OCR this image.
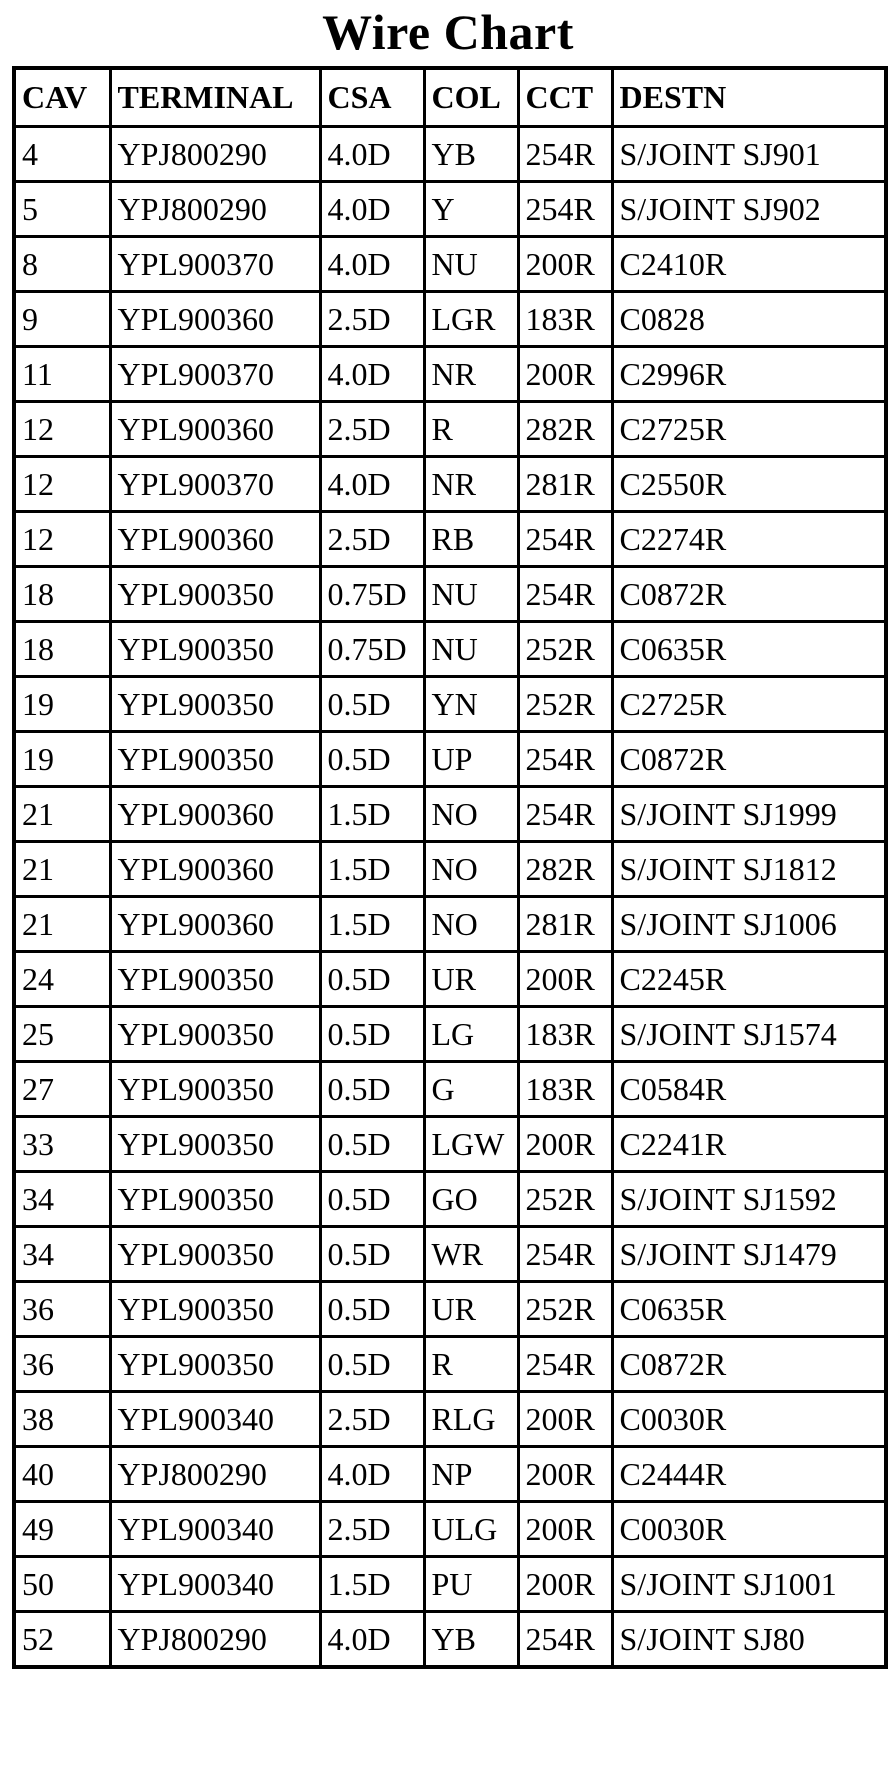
Wire Chart
CAV	TERMINAL	CSA	COL	CCT	DESTN
4	YPJ800290	4.0D	YB	254R	S/JOINT SJ901
5	YPJ800290	4.0D	Y	254R	S/JOINT SJ902
8	YPL900370	4.0D	NU	200R	C2410R
9	YPL900360	2.5D	LGR	183R	C0828
11	YPL900370	4.0D	NR	200R	C2996R
12	YPL900360	2.5D	R	282R	C2725R
12	YPL900370	4.0D	NR	281R	C2550R
12	YPL900360	2.5D	RB	254R	C2274R
18	YPL900350	0.75D	NU	254R	C0872R
18	YPL900350	0.75D	NU	252R	C0635R
19	YPL900350	0.5D	YN	252R	C2725R
19	YPL900350	0.5D	UP	254R	C0872R
21	YPL900360	1.5D	NO	254R	S/JOINT SJ1999
21	YPL900360	1.5D	NO	282R	S/JOINT SJ1812
21	YPL900360	1.5D	NO	281R	S/JOINT SJ1006
24	YPL900350	0.5D	UR	200R	C2245R
25	YPL900350	0.5D	LG	183R	S/JOINT SJ1574
27	YPL900350	0.5D	G	183R	C0584R
33	YPL900350	0.5D	LGW	200R	C2241R
34	YPL900350	0.5D	GO	252R	S/JOINT SJ1592
34	YPL900350	0.5D	WR	254R	S/JOINT SJ1479
36	YPL900350	0.5D	UR	252R	C0635R
36	YPL900350	0.5D	R	254R	C0872R
38	YPL900340	2.5D	RLG	200R	C0030R
40	YPJ800290	4.0D	NP	200R	C2444R
49	YPL900340	2.5D	ULG	200R	C0030R
50	YPL900340	1.5D	PU	200R	S/JOINT SJ1001
52	YPJ800290	4.0D	YB	254R	S/JOINT SJ80
